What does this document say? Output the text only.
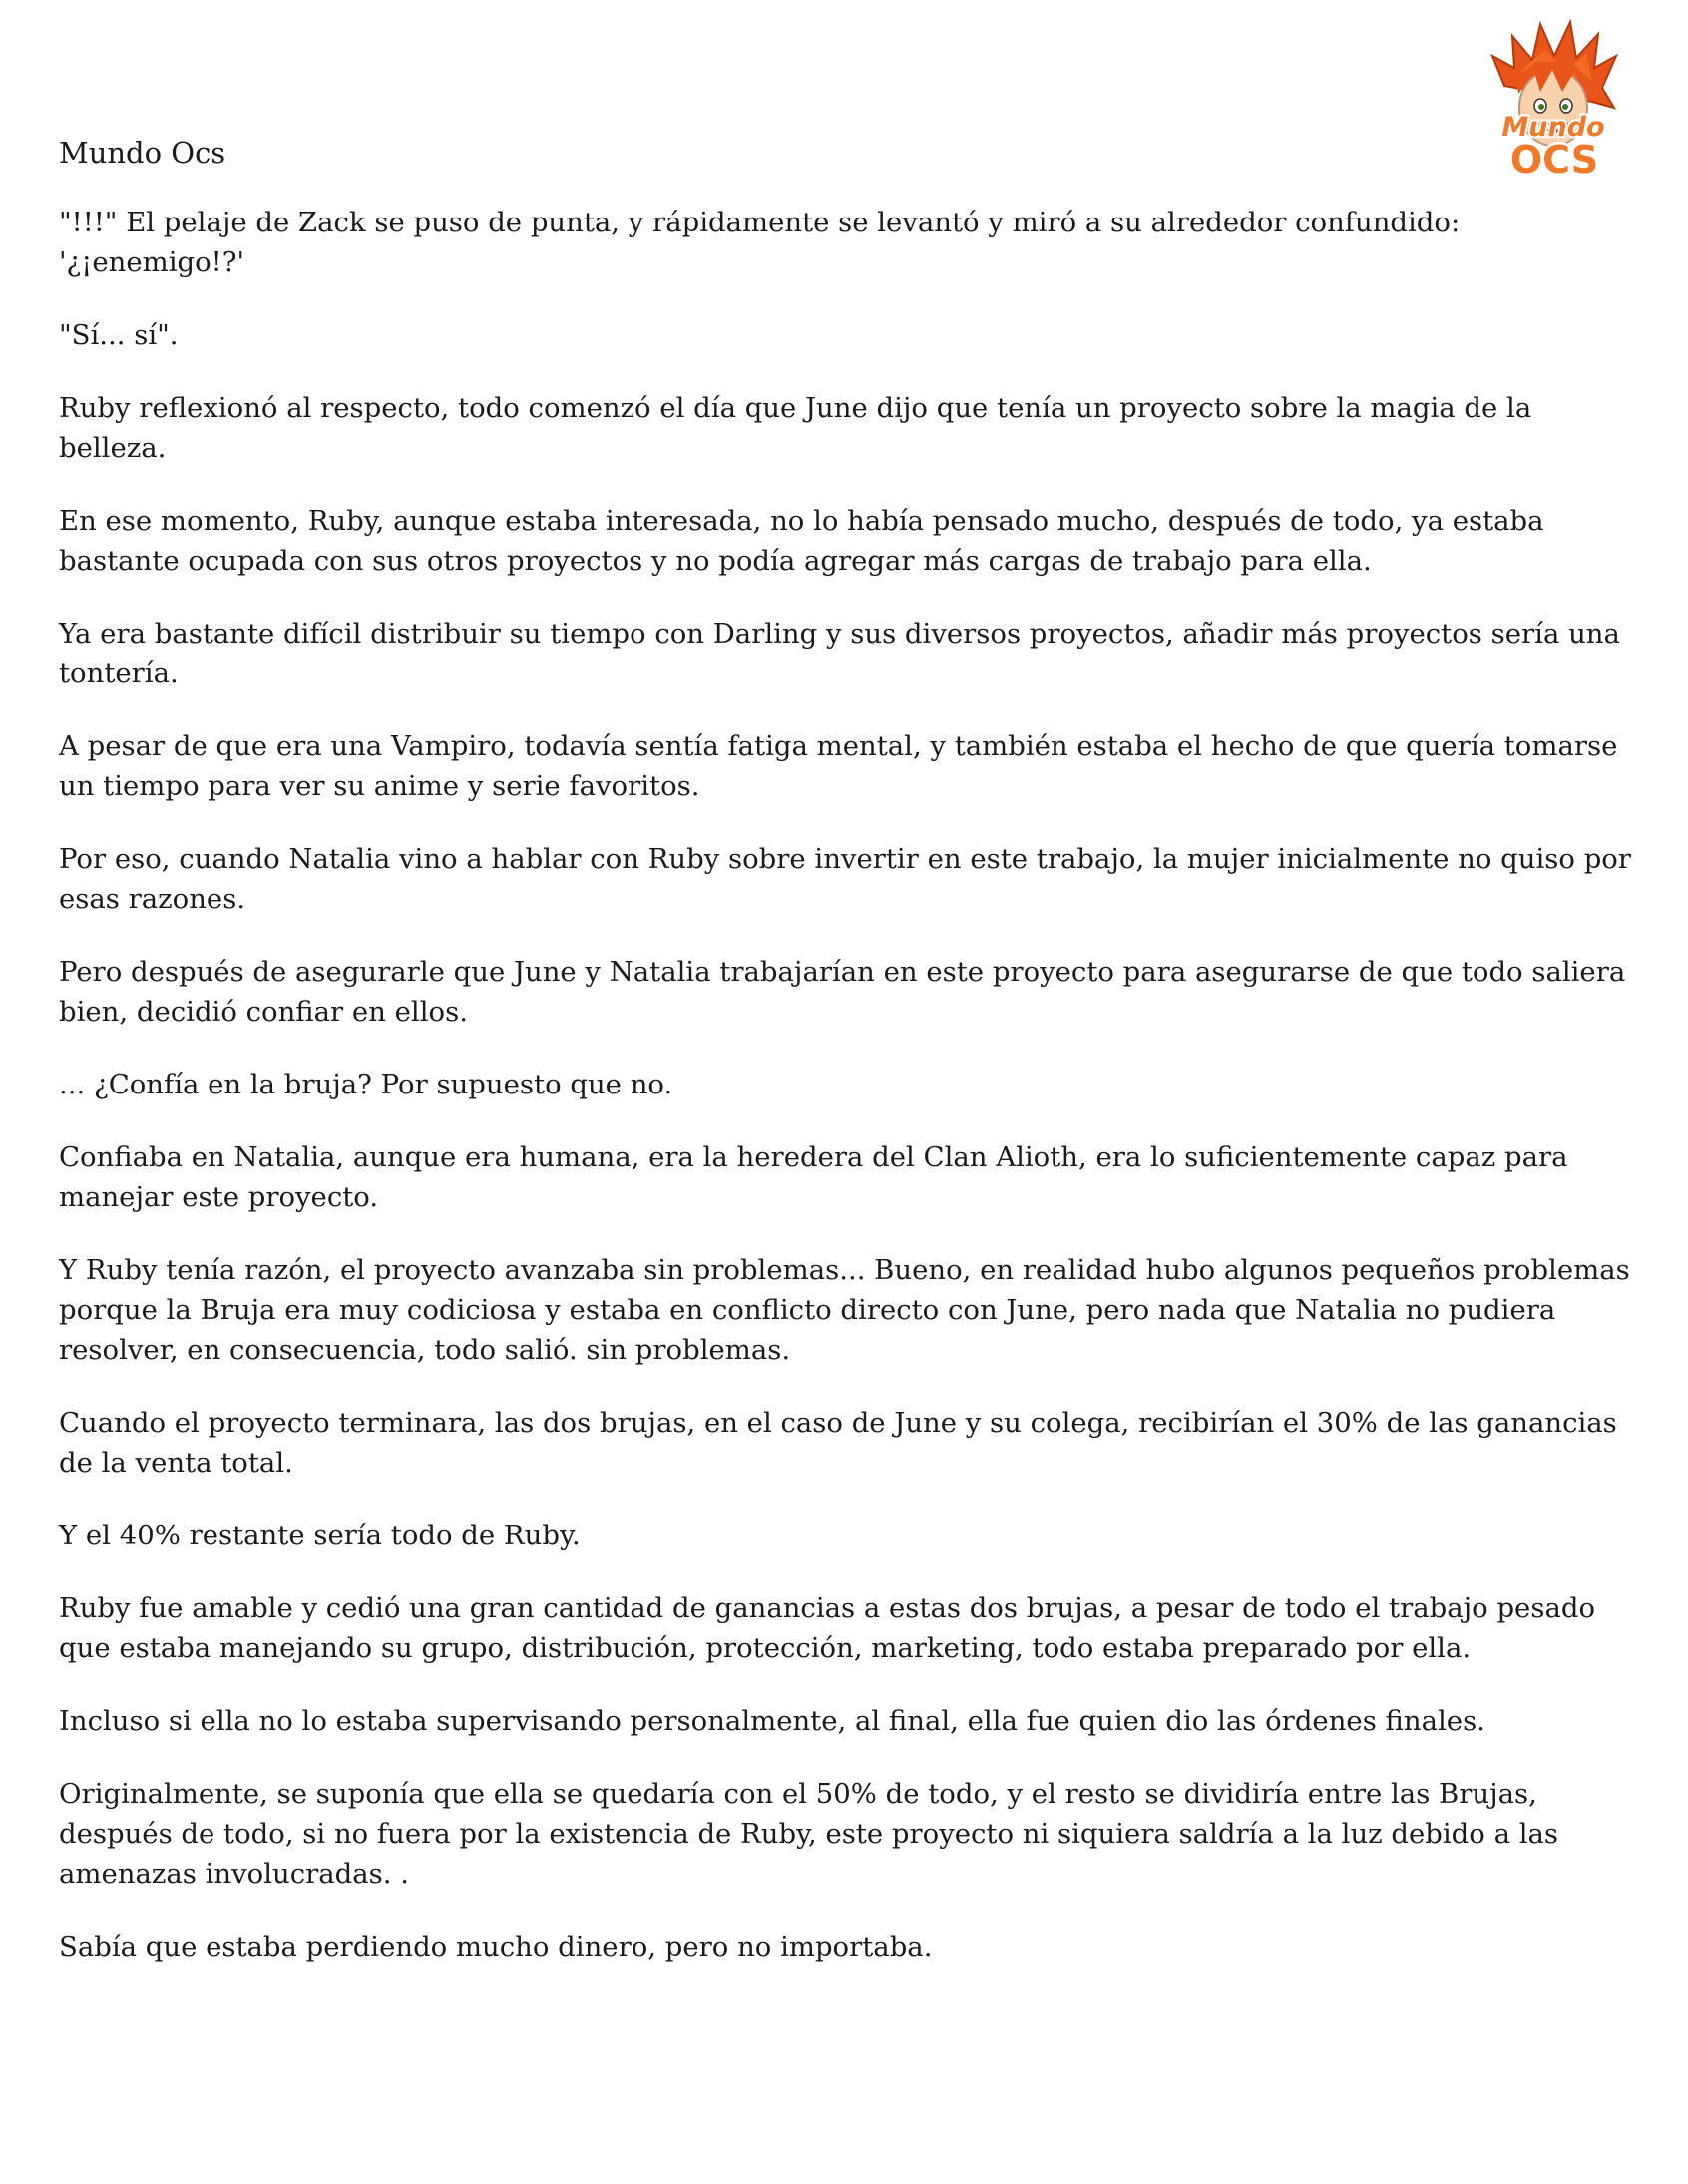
Mundo
OCS
Mundo Ocs

"!!!" El pelaje de Zack se puso de punta, y rápidamente se levantó y miró a su alrededor confundido: '¿¡enemigo!?'

"Sí... sí".

Ruby reflexionó al respecto, todo comenzó el día que June dijo que tenía un proyecto sobre la magia de la belleza.

En ese momento, Ruby, aunque estaba interesada, no lo había pensado mucho, después de todo, ya estaba bastante ocupada con sus otros proyectos y no podía agregar más cargas de trabajo para ella.

Ya era bastante difícil distribuir su tiempo con Darling y sus diversos proyectos, añadir más proyectos sería una tontería.

A pesar de que era una Vampiro, todavía sentía fatiga mental, y también estaba el hecho de que quería tomarse un tiempo para ver su anime y serie favoritos.

Por eso, cuando Natalia vino a hablar con Ruby sobre invertir en este trabajo, la mujer inicialmente no quiso por esas razones.

Pero después de asegurarle que June y Natalia trabajarían en este proyecto para asegurarse de que todo saliera bien, decidió confiar en ellos.

... ¿Confía en la bruja? Por supuesto que no.

Confiaba en Natalia, aunque era humana, era la heredera del Clan Alioth, era lo suficientemente capaz para manejar este proyecto.

Y Ruby tenía razón, el proyecto avanzaba sin problemas... Bueno, en realidad hubo algunos pequeños problemas porque la Bruja era muy codiciosa y estaba en conflicto directo con June, pero nada que Natalia no pudiera resolver, en consecuencia, todo salió. sin problemas.

Cuando el proyecto terminara, las dos brujas, en el caso de June y su colega, recibirían el 30% de las ganancias de la venta total.

Y el 40% restante sería todo de Ruby.

Ruby fue amable y cedió una gran cantidad de ganancias a estas dos brujas, a pesar de todo el trabajo pesado que estaba manejando su grupo, distribución, protección, marketing, todo estaba preparado por ella.

Incluso si ella no lo estaba supervisando personalmente, al final, ella fue quien dio las órdenes finales.

Originalmente, se suponía que ella se quedaría con el 50% de todo, y el resto se dividiría entre las Brujas, después de todo, si no fuera por la existencia de Ruby, este proyecto ni siquiera saldría a la luz debido a las amenazas involucradas. .

Sabía que estaba perdiendo mucho dinero, pero no importaba.
